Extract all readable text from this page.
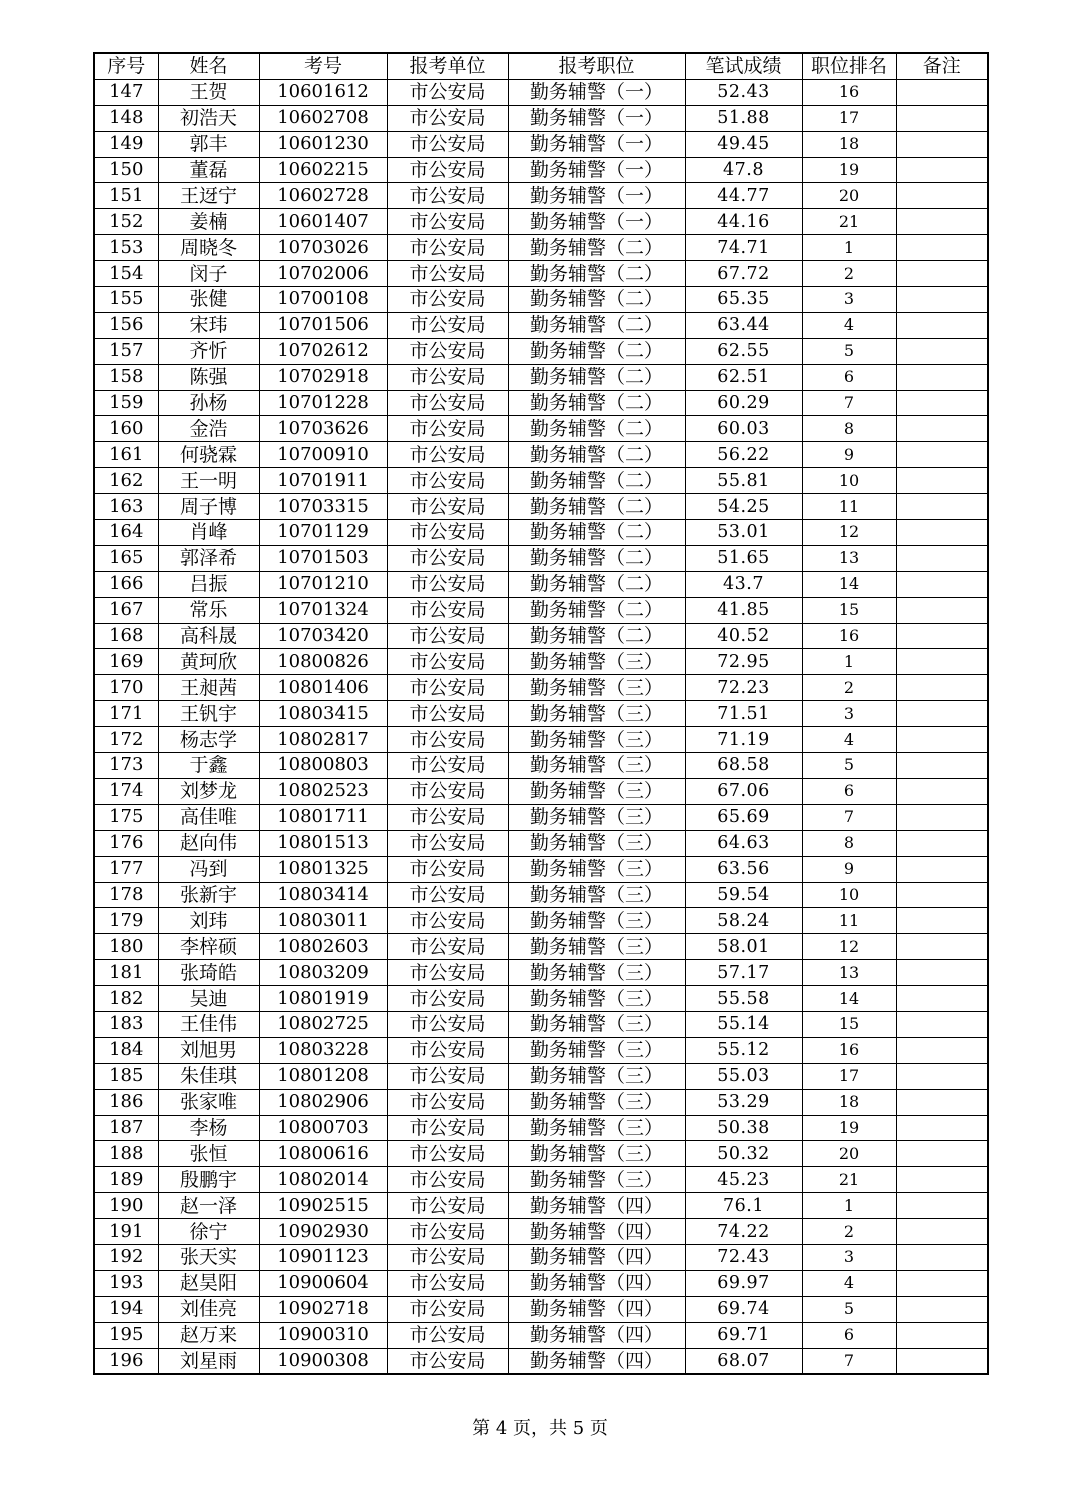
序号	姓名	考号	报考单位	报考职位	笔试成绩	职位排名	备注
147	王贺	10601612	市公安局	勤务辅警（一）	52.43	16	
148	初浩天	10602708	市公安局	勤务辅警（一）	51.88	17	
149	郭丰	10601230	市公安局	勤务辅警（一）	49.45	18	
150	董磊	10602215	市公安局	勤务辅警（一）	47.8	19	
151	王迓宁	10602728	市公安局	勤务辅警（一）	44.77	20	
152	姜楠	10601407	市公安局	勤务辅警（一）	44.16	21	
153	周晓冬	10703026	市公安局	勤务辅警（二）	74.71	1	
154	闵子	10702006	市公安局	勤务辅警（二）	67.72	2	
155	张健	10700108	市公安局	勤务辅警（二）	65.35	3	
156	宋玮	10701506	市公安局	勤务辅警（二）	63.44	4	
157	齐忻	10702612	市公安局	勤务辅警（二）	62.55	5	
158	陈强	10702918	市公安局	勤务辅警（二）	62.51	6	
159	孙杨	10701228	市公安局	勤务辅警（二）	60.29	7	
160	金浩	10703626	市公安局	勤务辅警（二）	60.03	8	
161	何骁霖	10700910	市公安局	勤务辅警（二）	56.22	9	
162	王一明	10701911	市公安局	勤务辅警（二）	55.81	10	
163	周子博	10703315	市公安局	勤务辅警（二）	54.25	11	
164	肖峰	10701129	市公安局	勤务辅警（二）	53.01	12	
165	郭泽希	10701503	市公安局	勤务辅警（二）	51.65	13	
166	吕振	10701210	市公安局	勤务辅警（二）	43.7	14	
167	常乐	10701324	市公安局	勤务辅警（二）	41.85	15	
168	高科晟	10703420	市公安局	勤务辅警（二）	40.52	16	
169	黄珂欣	10800826	市公安局	勤务辅警（三）	72.95	1	
170	王昶茜	10801406	市公安局	勤务辅警（三）	72.23	2	
171	王钒宇	10803415	市公安局	勤务辅警（三）	71.51	3	
172	杨志学	10802817	市公安局	勤务辅警（三）	71.19	4	
173	于鑫	10800803	市公安局	勤务辅警（三）	68.58	5	
174	刘梦龙	10802523	市公安局	勤务辅警（三）	67.06	6	
175	高佳唯	10801711	市公安局	勤务辅警（三）	65.69	7	
176	赵向伟	10801513	市公安局	勤务辅警（三）	64.63	8	
177	冯到	10801325	市公安局	勤务辅警（三）	63.56	9	
178	张新宇	10803414	市公安局	勤务辅警（三）	59.54	10	
179	刘玮	10803011	市公安局	勤务辅警（三）	58.24	11	
180	李梓硕	10802603	市公安局	勤务辅警（三）	58.01	12	
181	张琦皓	10803209	市公安局	勤务辅警（三）	57.17	13	
182	吴迪	10801919	市公安局	勤务辅警（三）	55.58	14	
183	王佳伟	10802725	市公安局	勤务辅警（三）	55.14	15	
184	刘旭男	10803228	市公安局	勤务辅警（三）	55.12	16	
185	朱佳琪	10801208	市公安局	勤务辅警（三）	55.03	17	
186	张家唯	10802906	市公安局	勤务辅警（三）	53.29	18	
187	李杨	10800703	市公安局	勤务辅警（三）	50.38	19	
188	张恒	10800616	市公安局	勤务辅警（三）	50.32	20	
189	殷鹏宇	10802014	市公安局	勤务辅警（三）	45.23	21	
190	赵一泽	10902515	市公安局	勤务辅警（四）	76.1	1	
191	徐宁	10902930	市公安局	勤务辅警（四）	74.22	2	
192	张天实	10901123	市公安局	勤务辅警（四）	72.43	3	
193	赵昊阳	10900604	市公安局	勤务辅警（四）	69.97	4	
194	刘佳亮	10902718	市公安局	勤务辅警（四）	69.74	5	
195	赵万来	10900310	市公安局	勤务辅警（四）	69.71	6	
196	刘星雨	10900308	市公安局	勤务辅警（四）	68.07	7	
第 4 页，共 5 页
